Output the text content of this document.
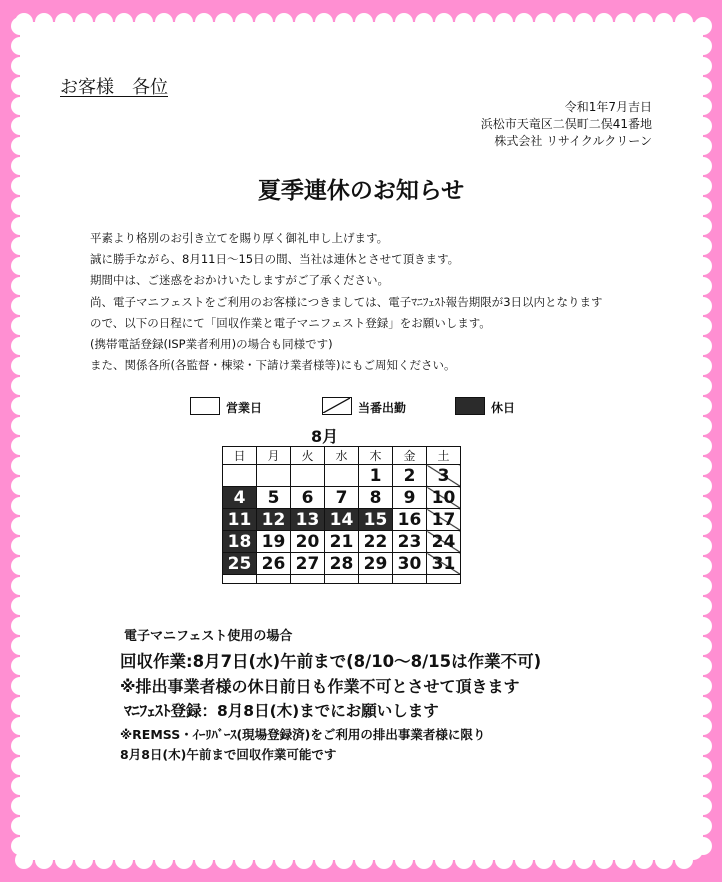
お客様　各位
令和1年7月吉日
浜松市天竜区二俣町二俣41番地
株式会社 リサイクルクリーン
夏季連休のお知らせ
平素より格別のお引き立てを賜り厚く御礼申し上げます。
誠に勝手ながら、8月11日～15日の間、当社は連休とさせて頂きます。
期間中は、ご迷惑をおかけいたしますがご了承ください。
尚、電子マニフェストをご利用のお客様につきましては、電子ﾏﾆﾌｪｽﾄ報告期限が3日以内となります
ので、以下の日程にて「回収作業と電子マニフェスト登録」をお願いします。
(携帯電話登録(ISP業者利用)の場合も同様です)
また、関係各所(各監督・棟梁・下請け業者様等)にもご周知ください。
営業日	当番出勤	休日
8月
日	月	火	水	木	金	土
				1	2	3
4	5	6	7	8	9	10
11	12	13	14	15	16	17
18	19	20	21	22	23	24
25	26	27	28	29	30	31

電子マニフェスト使用の場合
回収作業:8月7日(水)午前まで(8/10～8/15は作業不可)
※排出事業者様の休日前日も作業不可とさせて頂きます
ﾏﾆﾌｪｽﾄ登録：8月8日(木)までにお願いします
※REMSS・ｲｰﾘﾊﾞｰｽ(現場登録済)をご利用の排出事業者様に限り
8月8日(木)午前まで回収作業可能です
